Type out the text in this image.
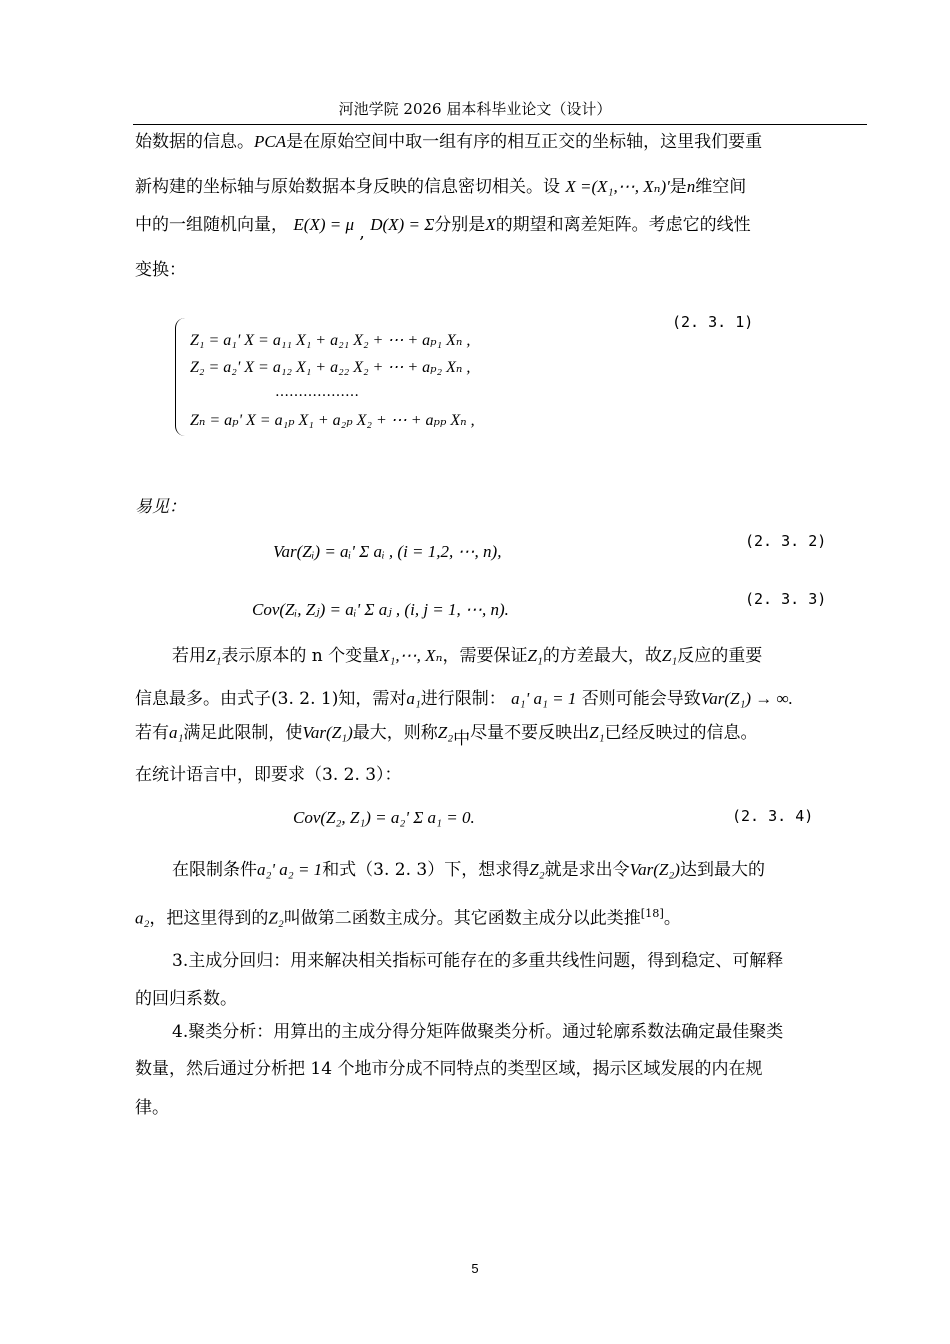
河池学院 2026 届本科毕业论文（设计）
始数据的信息。PCA是在原始空间中取一组有序的相互正交的坐标轴，这里我们要重
新构建的坐标轴与原始数据本身反映的信息密切相关。设 X =(X₁,⋯, Xₙ)'是n维空间
中的一组随机向量， E(X) = μ , D(X) = Σ分别是X的期望和离差矩阵。考虑它的线性
变换：
(2. 3. 1)
Z₁ = a₁' X = a₁₁ X₁ + a₂₁ X₂ + ⋯ + aₚ₁ Xₙ ,
Z₂ = a₂' X = a₁₂ X₁ + a₂₂ X₂ + ⋯ + aₚ₂ Xₙ ,
………………
Zₙ = aₚ' X = a₁ₚ X₁ + a₂ₚ X₂ + ⋯ + aₚₚ Xₙ ,
易见：
Var(Zᵢ) = aᵢ' Σ aᵢ , (i = 1,2, ⋯, n),
(2. 3. 2)
Cov(Zᵢ, Zⱼ) = aᵢ' Σ aⱼ , (i, j = 1, ⋯, n).
(2. 3. 3)
若用Z₁表示原本的 n 个变量X₁,⋯, Xₙ，需要保证Z₁的方差最大，故Z₁反应的重要
信息最多。由式子(3. 2. 1)知，需对a₁进行限制： a₁' a₁ = 1 否则可能会导致Var(Z₁) → ∞.
若有a₁满足此限制，使Var(Z₁)最大，则称Z₂中尽量不要反映出Z₁已经反映过的信息。
在统计语言中，即要求（3. 2. 3）：
Cov(Z₂, Z₁) = a₂' Σ a₁ = 0.	(2. 3. 4)
在限制条件a₂' a₂ = 1和式（3. 2. 3）下，想求得Z₂就是求出令Var(Z₂)达到最大的
a₂，把这里得到的Z₂叫做第二函数主成分。其它函数主成分以此类推[18]。
3.主成分回归：用来解决相关指标可能存在的多重共线性问题，得到稳定、可解释
的回归系数。
4.聚类分析：用算出的主成分得分矩阵做聚类分析。通过轮廓系数法确定最佳聚类
数量，然后通过分析把 14 个地市分成不同特点的类型区域，揭示区域发展的内在规
律。
5
